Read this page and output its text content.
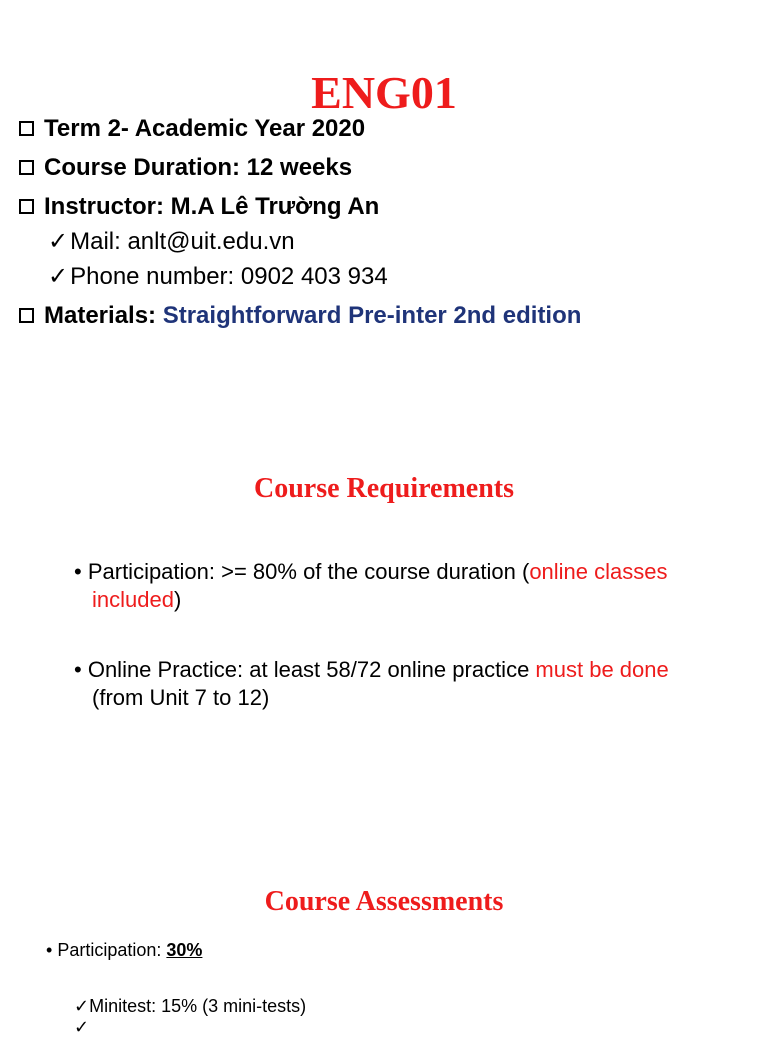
ENG01
Term 2- Academic Year 2020
Course Duration: 12 weeks
Instructor: M.A Lê Trường An
✓Mail: anlt@uit.edu.vn
✓Phone number: 0902 403 934
Materials: Straightforward Pre-inter 2nd edition
Course Requirements
• Participation: >= 80% of the course duration (online classes
included)
• Online Practice: at least 58/72 online practice must be done
(from Unit 7 to 12)
Course Assessments
• Participation: 30%
✓Minitest: 15% (3 mini-tests)
✓
